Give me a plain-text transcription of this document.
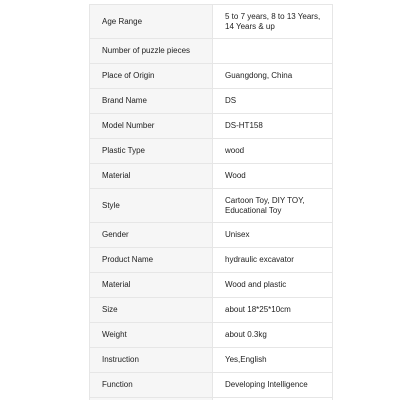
Age Range	5 to 7 years, 8 to 13 Years, 14 Years & up
Number of puzzle pieces	
Place of Origin	Guangdong, China
Brand Name	DS
Model Number	DS-HT158
Plastic Type	wood
Material	Wood
Style	Cartoon Toy, DIY TOY, Educational Toy
Gender	Unisex
Product Name	hydraulic excavator
Material	Wood and plastic
Size	about 18*25*10cm
Weight	about 0.3kg
Instruction	Yes,English
Function	Developing Intelligence
